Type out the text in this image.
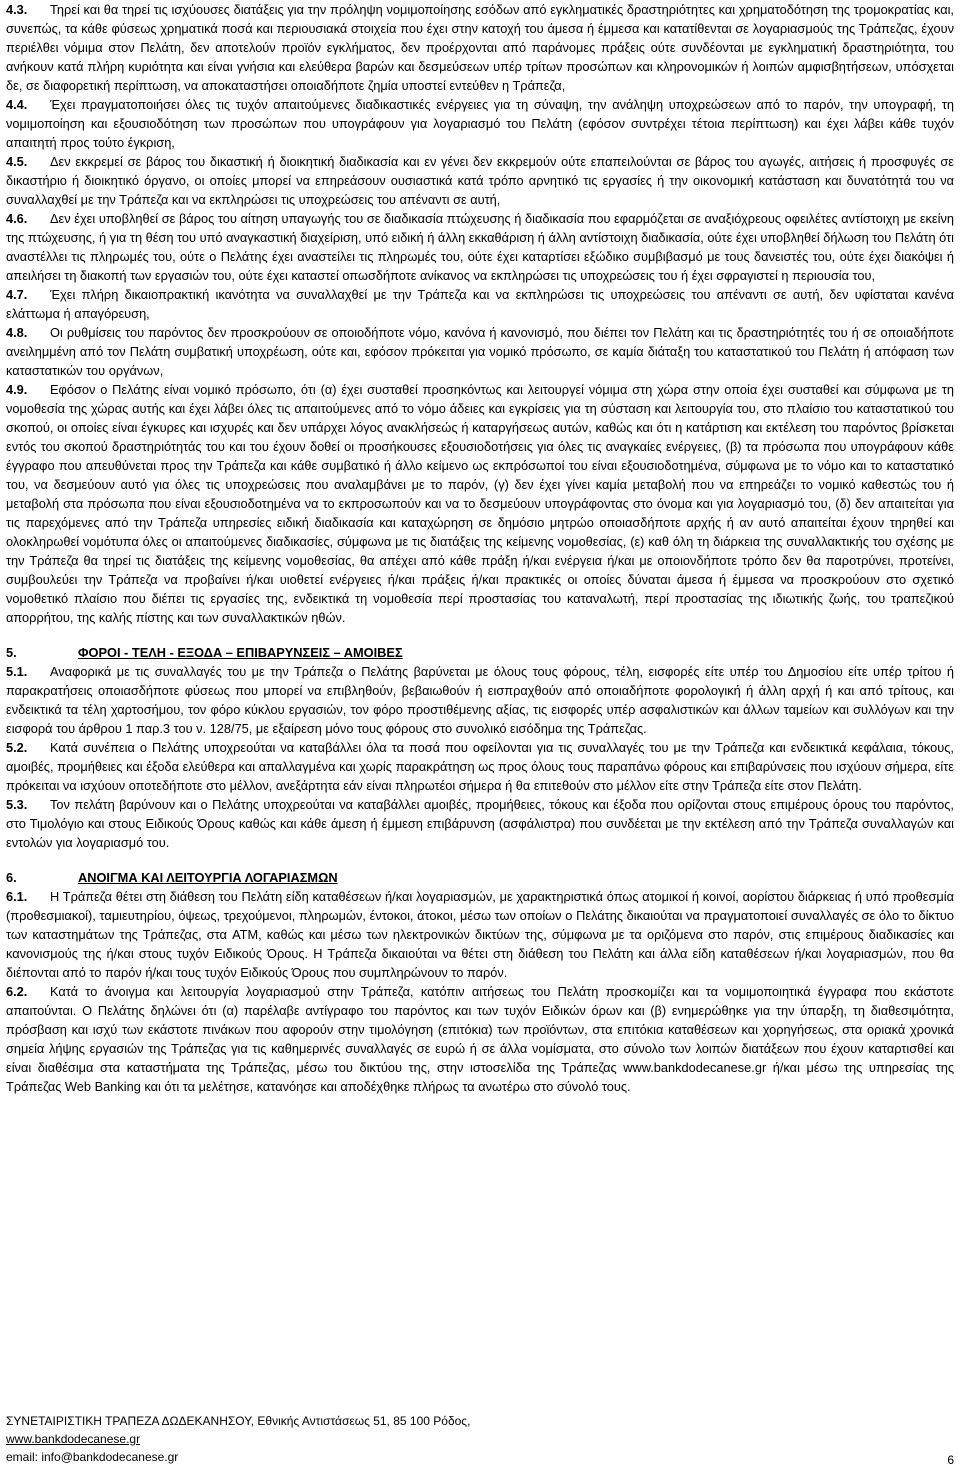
4.3. Τηρεί και θα τηρεί τις ισχύουσες διατάξεις για την πρόληψη νομιμοποίησης εσόδων από εγκληματικές δραστηριότητες και χρηματοδότηση της τρομοκρατίας και, συνεπώς, τα κάθε φύσεως χρηματικά ποσά και περιουσιακά στοιχεία που έχει στην κατοχή του άμεσα ή έμμεσα και κατατίθενται σε λογαριασμούς της Τράπεζας, έχουν περιέλθει νόμιμα στον Πελάτη, δεν αποτελούν προϊόν εγκλήματος, δεν προέρχονται από παράνομες πράξεις ούτε συνδέονται με εγκληματική δραστηριότητα, του ανήκουν κατά πλήρη κυριότητα και είναι γνήσια και ελεύθερα βαρών και δεσμεύσεων υπέρ τρίτων προσώπων και κληρονομικών ή λοιπών αμφισβητήσεων, υπόσχεται δε, σε διαφορετική περίπτωση, να αποκαταστήσει οποιαδήποτε ζημία υποστεί εντεύθεν η Τράπεζα,

4.4. Έχει πραγματοποιήσει όλες τις τυχόν απαιτούμενες διαδικαστικές ενέργειες για τη σύναψη, την ανάληψη υποχρεώσεων από το παρόν, την υπογραφή, τη νομιμοποίηση και εξουσιοδότηση των προσώπων που υπογράφουν για λογαριασμό του Πελάτη (εφόσον συντρέχει τέτοια περίπτωση) και έχει λάβει κάθε τυχόν απαιτητή προς τούτο έγκριση,

4.5. Δεν εκκρεμεί σε βάρος του δικαστική ή διοικητική διαδικασία και εν γένει δεν εκκρεμούν ούτε επαπειλούνται σε βάρος του αγωγές, αιτήσεις ή προσφυγές σε δικαστήριο ή διοικητικό όργανο, οι οποίες μπορεί να επηρεάσουν ουσιαστικά κατά τρόπο αρνητικό τις εργασίες ή την οικονομική κατάσταση και δυνατότητά του να συναλλαχθεί με την Τράπεζα και να εκπληρώσει τις υποχρεώσεις του απέναντι σε αυτή,

4.6. Δεν έχει υποβληθεί σε βάρος του αίτηση υπαγωγής του σε διαδικασία πτώχευσης ή διαδικασία που εφαρμόζεται σε αναξιόχρεους οφειλέτες αντίστοιχη με εκείνη της πτώχευσης, ή για τη θέση του υπό αναγκαστική διαχείριση, υπό ειδική ή άλλη εκκαθάριση ή άλλη αντίστοιχη διαδικασία, ούτε έχει υποβληθεί δήλωση του Πελάτη ότι αναστέλλει τις πληρωμές του, ούτε ο Πελάτης έχει αναστείλει τις πληρωμές του, ούτε έχει καταρτίσει εξώδικο συμβιβασμό με τους δανειστές του, ούτε έχει διακόψει ή απειλήσει τη διακοπή των εργασιών του, ούτε έχει καταστεί οπωσδήποτε ανίκανος να εκπληρώσει τις υποχρεώσεις του ή έχει σφραγιστεί η περιουσία του,

4.7. Έχει πλήρη δικαιοπρακτική ικανότητα να συναλλαχθεί με την Τράπεζα και να εκπληρώσει τις υποχρεώσεις του απέναντι σε αυτή, δεν υφίσταται κανένα ελάττωμα ή απαγόρευση,

4.8. Οι ρυθμίσεις του παρόντος δεν προσκρούουν σε οποιοδήποτε νόμο, κανόνα ή κανονισμό, που διέπει τον Πελάτη και τις δραστηριότητές του ή σε οποιαδήποτε ανειλημμένη από τον Πελάτη συμβατική υποχρέωση, ούτε και, εφόσον πρόκειται για νομικό πρόσωπο, σε καμία διάταξη του καταστατικού του Πελάτη ή απόφαση των καταστατικών του οργάνων,

4.9. Εφόσον ο Πελάτης είναι νομικό πρόσωπο, ότι (α) έχει συσταθεί προσηκόντως και λειτουργεί νόμιμα στη χώρα στην οποία έχει συσταθεί και σύμφωνα με τη νομοθεσία της χώρας αυτής και έχει λάβει όλες τις απαιτούμενες από το νόμο άδειες και εγκρίσεις για τη σύσταση και λειτουργία του, στο πλαίσιο του καταστατικού του σκοπού, οι οποίες είναι έγκυρες και ισχυρές και δεν υπάρχει λόγος ανακλήσεώς ή καταργήσεως αυτών, καθώς και ότι η κατάρτιση και εκτέλεση του παρόντος βρίσκεται εντός του σκοπού δραστηριότητάς του και του έχουν δοθεί οι προσήκουσες εξουσιοδοτήσεις για όλες τις αναγκαίες ενέργειες, (β) τα πρόσωπα που υπογράφουν κάθε έγγραφο που απευθύνεται προς την Τράπεζα και κάθε συμβατικό ή άλλο κείμενο ως εκπρόσωποί του είναι εξουσιοδοτημένα, σύμφωνα με το νόμο και το καταστατικό του, να δεσμεύουν αυτό για όλες τις υποχρεώσεις που αναλαμβάνει με το παρόν, (γ) δεν έχει γίνει καμία μεταβολή που να επηρεάζει το νομικό καθεστώς του ή μεταβολή στα πρόσωπα που είναι εξουσιοδοτημένα να το εκπροσωπούν και να το δεσμεύουν υπογράφοντας στο όνομα και για λογαριασμό του, (δ) δεν απαιτείται για τις παρεχόμενες από την Τράπεζα υπηρεσίες ειδική διαδικασία και καταχώρηση σε δημόσιο μητρώο οποιασδήποτε αρχής ή αν αυτό απαιτείται έχουν τηρηθεί και ολοκληρωθεί νομότυπα όλες οι απαιτούμενες διαδικασίες, σύμφωνα με τις διατάξεις της κείμενης νομοθεσίας, (ε) καθ όλη τη διάρκεια της συναλλακτικής του σχέσης με την Τράπεζα θα τηρεί τις διατάξεις της κείμενης νομοθεσίας, θα απέχει από κάθε πράξη ή/και ενέργεια ή/και με οποιονδήποτε τρόπο δεν θα παροτρύνει, προτείνει, συμβουλεύει την Τράπεζα να προβαίνει ή/και υιοθετεί ενέργειες ή/και πράξεις ή/και πρακτικές οι οποίες δύναται άμεσα ή έμμεσα να προσκρούουν στο σχετικό νομοθετικό πλαίσιο που διέπει τις εργασίες της, ενδεικτικά τη νομοθεσία περί προστασίας του καταναλωτή, περί προστασίας της ιδιωτικής ζωής, του τραπεζικού απορρήτου, της καλής πίστης και των συναλλακτικών ηθών.

5.	ΦΟΡΟΙ - ΤΕΛΗ - ΕΞΟΔΑ – ΕΠΙΒΑΡΥΝΣΕΙΣ – ΑΜΟΙΒΕΣ

5.1. Αναφορικά με τις συναλλαγές του με την Τράπεζα ο Πελάτης βαρύνεται με όλους τους φόρους, τέλη, εισφορές είτε υπέρ του Δημοσίου είτε υπέρ τρίτου ή παρακρατήσεις οποιασδήποτε φύσεως που μπορεί να επιβληθούν, βεβαιωθούν ή εισπραχθούν από οποιαδήποτε φορολογική ή άλλη αρχή ή και από τρίτους, και ενδεικτικά τα τέλη χαρτοσήμου, τον φόρο κύκλου εργασιών, τον φόρο προστιθέμενης αξίας, τις εισφορές υπέρ ασφαλιστικών και άλλων ταμείων και συλλόγων και την εισφορά του άρθρου 1 παρ.3 του ν. 128/75, με εξαίρεση μόνο τους φόρους στο συνολικό εισόδημα της Τράπεζας.

5.2. Κατά συνέπεια ο Πελάτης υποχρεούται να καταβάλλει όλα τα ποσά που οφείλονται για τις συναλλαγές του με την Τράπεζα και ενδεικτικά κεφάλαια, τόκους, αμοιβές, προμήθειες και έξοδα ελεύθερα και απαλλαγμένα και χωρίς παρακράτηση ως προς όλους τους παραπάνω φόρους και επιβαρύνσεις που ισχύουν σήμερα, είτε πρόκειται να ισχύουν οποτεδήποτε στο μέλλον, ανεξάρτητα εάν είναι πληρωτέοι σήμερα ή θα επιτεθούν στο μέλλον είτε στην Τράπεζα είτε στον Πελάτη.

5.3. Τον πελάτη βαρύνουν και ο Πελάτης υποχρεούται να καταβάλλει αμοιβές, προμήθειες, τόκους και έξοδα που ορίζονται στους επιμέρους όρους του παρόντος, στο Τιμολόγιο και στους Ειδικούς Όρους καθώς και κάθε άμεση ή έμμεση επιβάρυνση (ασφάλιστρα) που συνδέεται με την εκτέλεση από την Τράπεζα συναλλαγών και εντολών για λογαριασμό του.

6.	ΑΝΟΙΓΜΑ ΚΑΙ ΛΕΙΤΟΥΡΓΙΑ ΛΟΓΑΡΙΑΣΜΩΝ

6.1. Η Τράπεζα θέτει στη διάθεση του Πελάτη είδη καταθέσεων ή/και λογαριασμών, με χαρακτηριστικά όπως ατομικοί ή κοινοί, αορίστου διάρκειας ή υπό προθεσμία (προθεσμιακοί), ταμιευτηρίου, όψεως, τρεχούμενοι, πληρωμών, έντοκοι, άτοκοι, μέσω των οποίων ο Πελάτης δικαιούται να πραγματοποιεί συναλλαγές σε όλο το δίκτυο των καταστημάτων της Τράπεζας, στα ATM, καθώς και μέσω των ηλεκτρονικών δικτύων της, σύμφωνα με τα οριζόμενα στο παρόν, στις επιμέρους διαδικασίες και κανονισμούς της ή/και στους τυχόν Ειδικούς Όρους. Η Τράπεζα δικαιούται να θέτει στη διάθεση του Πελάτη και άλλα είδη καταθέσεων ή/και λογαριασμών, που θα διέπονται από το παρόν ή/και τους τυχόν Ειδικούς Όρους που συμπληρώνουν το παρόν.

6.2. Κατά το άνοιγμα και λειτουργία λογαριασμού στην Τράπεζα, κατόπιν αιτήσεως του Πελάτη προσκομίζει και τα νομιμοποιητικά έγγραφα που εκάστοτε απαιτούνται. Ο Πελάτης δηλώνει ότι (α) παρέλαβε αντίγραφο του παρόντος και των τυχόν Ειδικών όρων και (β) ενημερώθηκε για την ύπαρξη, τη διαθεσιμότητα, πρόσβαση και ισχύ των εκάστοτε πινάκων που αφορούν στην τιμολόγηση (επιτόκια) των προϊόντων, στα επιτόκια καταθέσεων και χορηγήσεως, στα οριακά χρονικά σημεία λήψης εργασιών της Τράπεζας για τις καθημερινές συναλλαγές σε ευρώ ή σε άλλα νομίσματα, στο σύνολο των λοιπών διατάξεων που έχουν καταρτισθεί και είναι διαθέσιμα στα καταστήματα της Τράπεζας, μέσω του δικτύου της, στην ιστοσελίδα της Τράπεζας www.bankdodecanese.gr ή/και μέσω της υπηρεσίας της Τράπεζας Web Banking και ότι τα μελέτησε, κατανόησε και αποδέχθηκε πλήρως τα ανωτέρω στο σύνολό τους.

ΣΥΝΕΤΑΙΡΙΣΤΙΚΗ ΤΡΑΠΕΖΑ ΔΩΔΕΚΑΝΗΣΟΥ, Εθνικής Αντιστάσεως 51, 85 100 Ρόδος,
www.bankdodecanese.gr
email: info@bankdodecanese.gr	6
